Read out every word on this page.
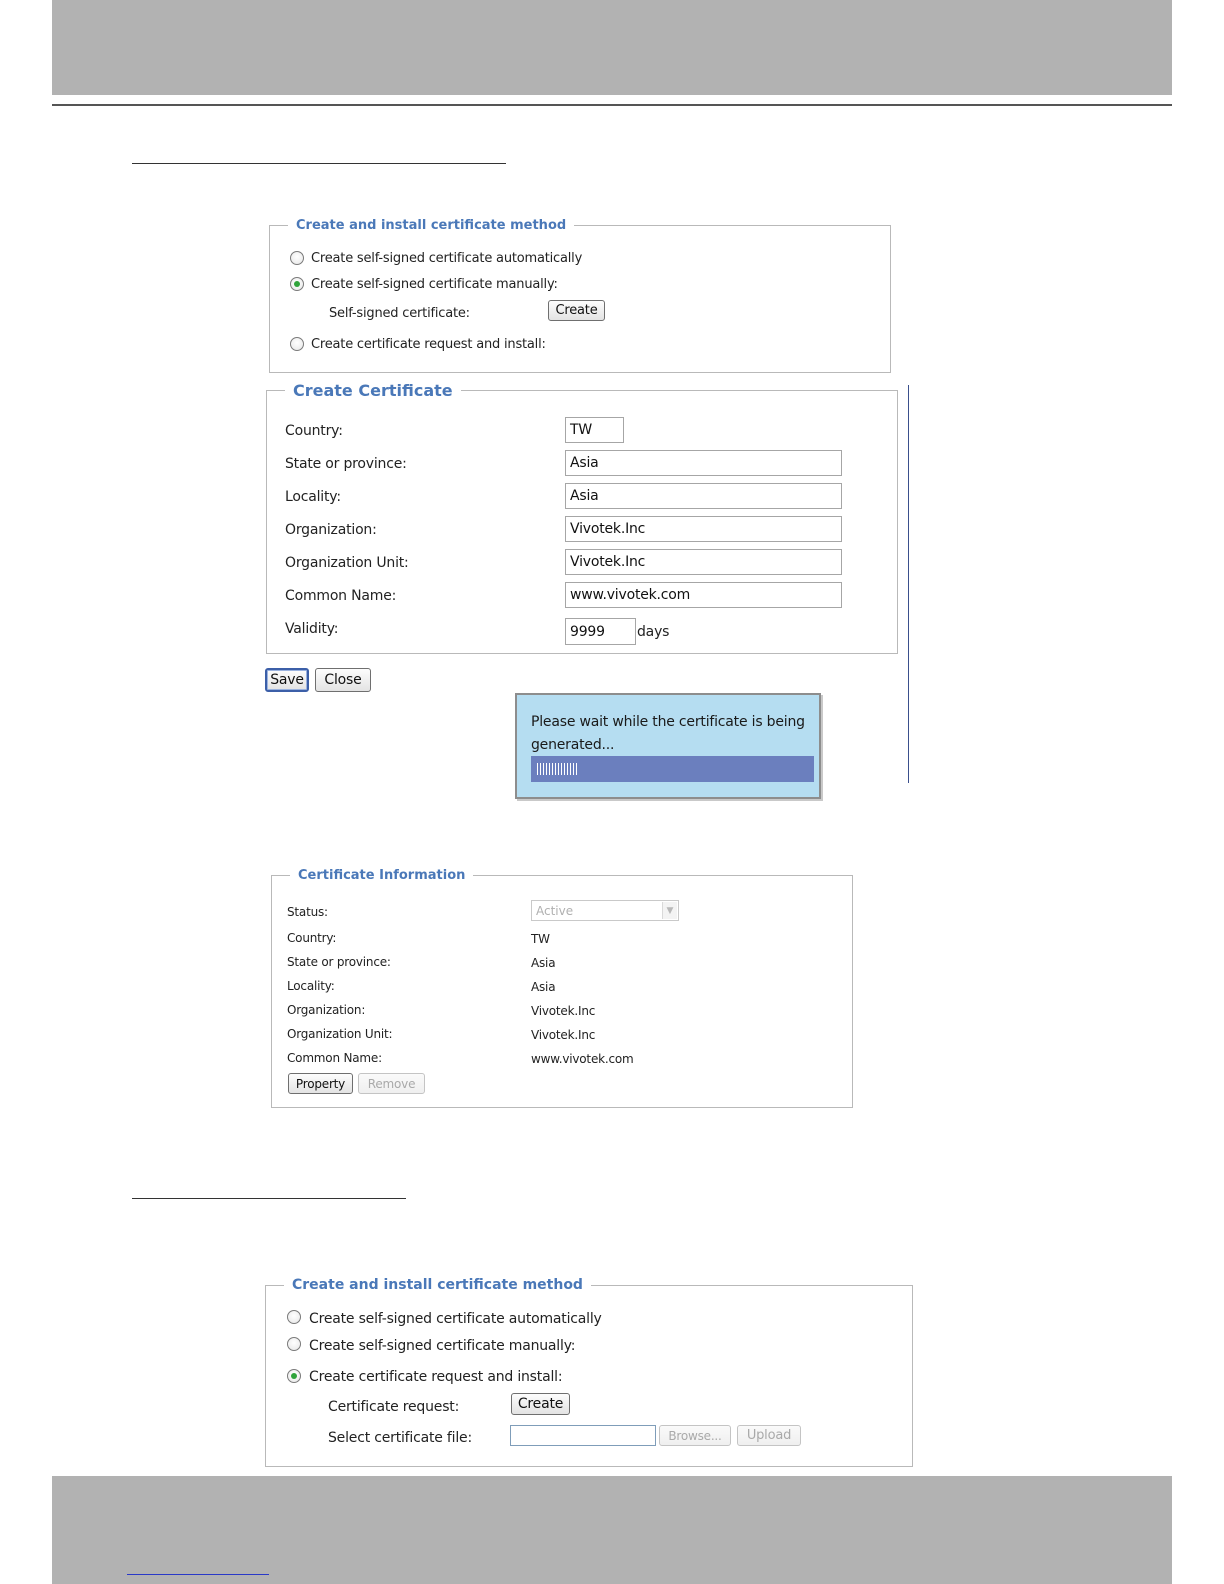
Create and install certificate method
Create self-signed certificate automatically
Create self-signed certificate manually:
Self-signed certificate:	Create
Create certificate request and install:
Create Certificate
Country:	TW
State or province:	Asia
Locality:	Asia
Organization:	Vivotek.Inc
Organization Unit:	Vivotek.Inc
Common Name:	www.vivotek.com
Validity:	9999	days
Save	Close
Please wait while the certificate is being generated...
Certificate Information
Status:	Active	▼
Country:	TW
State or province:	Asia
Locality:	Asia
Organization:	Vivotek.Inc
Organization Unit:	Vivotek.Inc
Common Name:	www.vivotek.com
Property	Remove
Create and install certificate method
Create self-signed certificate automatically
Create self-signed certificate manually:
Create certificate request and install:
Certificate request:	Create
Select certificate file:	Browse...	Upload
